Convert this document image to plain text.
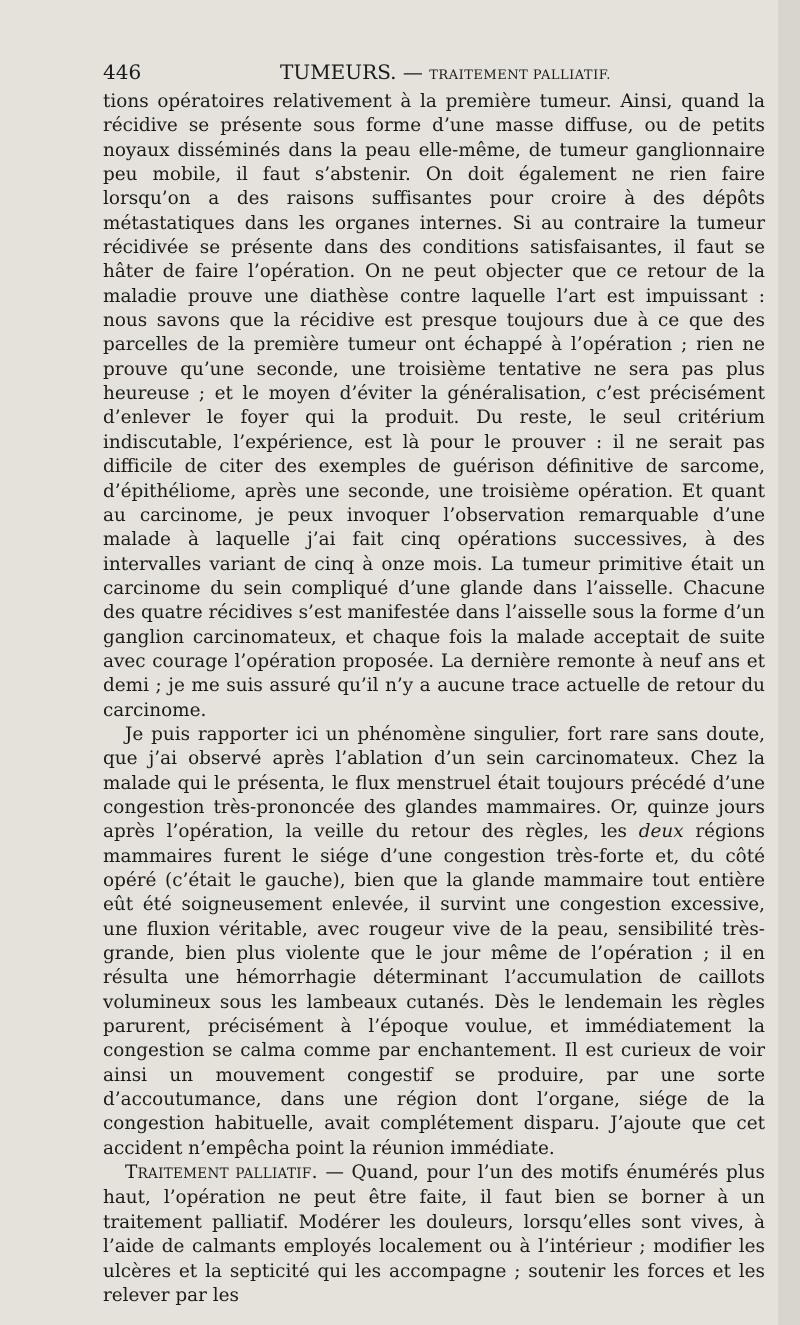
446	TUMEURS. — TRAITEMENT PALLIATIF.

tions opératoires relativement à la première tumeur. Ainsi, quand la récidive se présente sous forme d’une masse diffuse, ou de petits noyaux disséminés dans la peau elle-même, de tumeur ganglionnaire peu mobile, il faut s’abstenir. On doit également ne rien faire lorsqu’on a des raisons suffisantes pour croire à des dépôts métastatiques dans les organes internes. Si au contraire la tumeur récidivée se présente dans des conditions satisfaisantes, il faut se hâter de faire l’opération. On ne peut objecter que ce retour de la maladie prouve une diathèse contre laquelle l’art est impuissant : nous savons que la récidive est presque toujours due à ce que des parcelles de la première tumeur ont échappé à l’opération ; rien ne prouve qu’une seconde, une troisième tentative ne sera pas plus heureuse ; et le moyen d’éviter la généralisation, c’est précisément d’enlever le foyer qui la produit. Du reste, le seul critérium indiscutable, l’expérience, est là pour le prouver : il ne serait pas difficile de citer des exemples de guérison définitive de sarcome, d’épithéliome, après une seconde, une troisième opération. Et quant au carcinome, je peux invoquer l’observation remarquable d’une malade à laquelle j’ai fait cinq opérations successives, à des intervalles variant de cinq à onze mois. La tumeur primitive était un carcinome du sein compliqué d’une glande dans l’aisselle. Chacune des quatre récidives s’est manifestée dans l’aisselle sous la forme d’un ganglion carcinomateux, et chaque fois la malade acceptait de suite avec courage l’opération proposée. La dernière remonte à neuf ans et demi ; je me suis assuré qu’il n’y a aucune trace actuelle de retour du carcinome.

Je puis rapporter ici un phénomène singulier, fort rare sans doute, que j’ai observé après l’ablation d’un sein carcinomateux. Chez la malade qui le présenta, le flux menstruel était toujours précédé d’une congestion très-prononcée des glandes mammaires. Or, quinze jours après l’opération, la veille du retour des règles, les deux régions mammaires furent le siége d’une congestion très-forte et, du côté opéré (c’était le gauche), bien que la glande mammaire tout entière eût été soigneusement enlevée, il survint une congestion excessive, une fluxion véritable, avec rougeur vive de la peau, sensibilité très-grande, bien plus violente que le jour même de l’opération ; il en résulta une hémorrhagie déterminant l’accumulation de caillots volumineux sous les lambeaux cutanés. Dès le lendemain les règles parurent, précisément à l’époque voulue, et immédiatement la congestion se calma comme par enchantement. Il est curieux de voir ainsi un mouvement congestif se produire, par une sorte d’accoutumance, dans une région dont l’organe, siége de la congestion habituelle, avait complétement disparu. J’ajoute que cet accident n’empêcha point la réunion immédiate.

TRAITEMENT PALLIATIF. — Quand, pour l’un des motifs énumérés plus haut, l’opération ne peut être faite, il faut bien se borner à un traitement palliatif. Modérer les douleurs, lorsqu’elles sont vives, à l’aide de calmants employés localement ou à l’intérieur ; modifier les ulcères et la septicité qui les accompagne ; soutenir les forces et les relever par les
